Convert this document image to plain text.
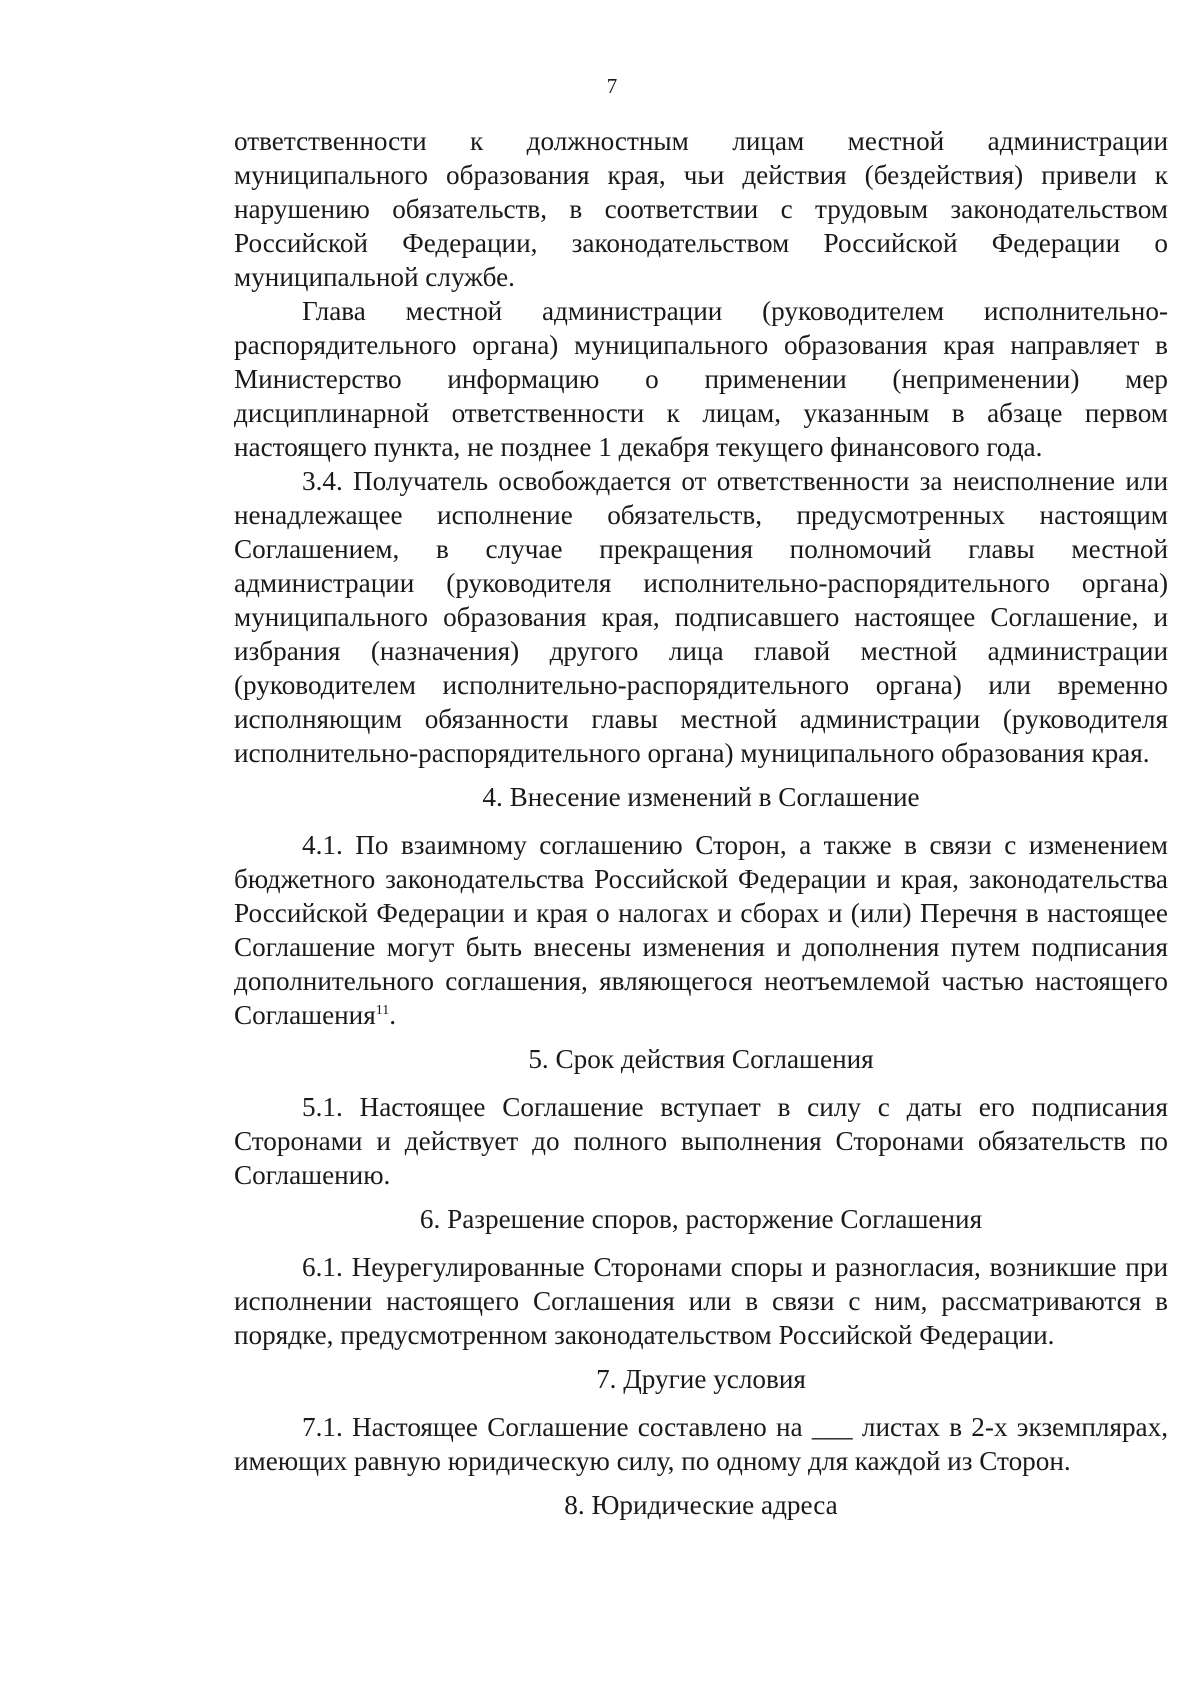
7

ответственности к должностным лицам местной администрации муниципального образования края, чьи действия (бездействия) привели к нарушению обязательств, в соответствии с трудовым законодательством Российской Федерации, законодательством Российской Федерации о муниципальной службе.

Глава местной администрации (руководителем исполнительно-распорядительного органа) муниципального образования края направляет в Министерство информацию о применении (неприменении) мер дисциплинарной ответственности к лицам, указанным в абзаце первом настоящего пункта, не позднее 1 декабря текущего финансового года.

3.4. Получатель освобождается от ответственности за неисполнение или ненадлежащее исполнение обязательств, предусмотренных настоящим Соглашением, в случае прекращения полномочий главы местной администрации (руководителя исполнительно-распорядительного органа) муниципального образования края, подписавшего настоящее Соглашение, и избрания (назначения) другого лица главой местной администрации (руководителем исполнительно-распорядительного органа) или временно исполняющим обязанности главы местной администрации (руководителя исполнительно-распорядительного органа) муниципального образования края.

4. Внесение изменений в Соглашение

4.1. По взаимному соглашению Сторон, а также в связи с изменением бюджетного законодательства Российской Федерации и края, законодательства Российской Федерации и края о налогах и сборах и (или) Перечня в настоящее Соглашение могут быть внесены изменения и дополнения путем подписания дополнительного соглашения, являющегося неотъемлемой частью настоящего Соглашения$^{11}$.

5. Срок действия Соглашения

5.1. Настоящее Соглашение вступает в силу с даты его подписания Сторонами и действует до полного выполнения Сторонами обязательств по Соглашению.

6. Разрешение споров, расторжение Соглашения

6.1. Неурегулированные Сторонами споры и разногласия, возникшие при исполнении настоящего Соглашения или в связи с ним, рассматриваются в порядке, предусмотренном законодательством Российской Федерации.

7. Другие условия

7.1. Настоящее Соглашение составлено на ___ листах в 2-х экземплярах, имеющих равную юридическую силу, по одному для каждой из Сторон.

8. Юридические адреса
